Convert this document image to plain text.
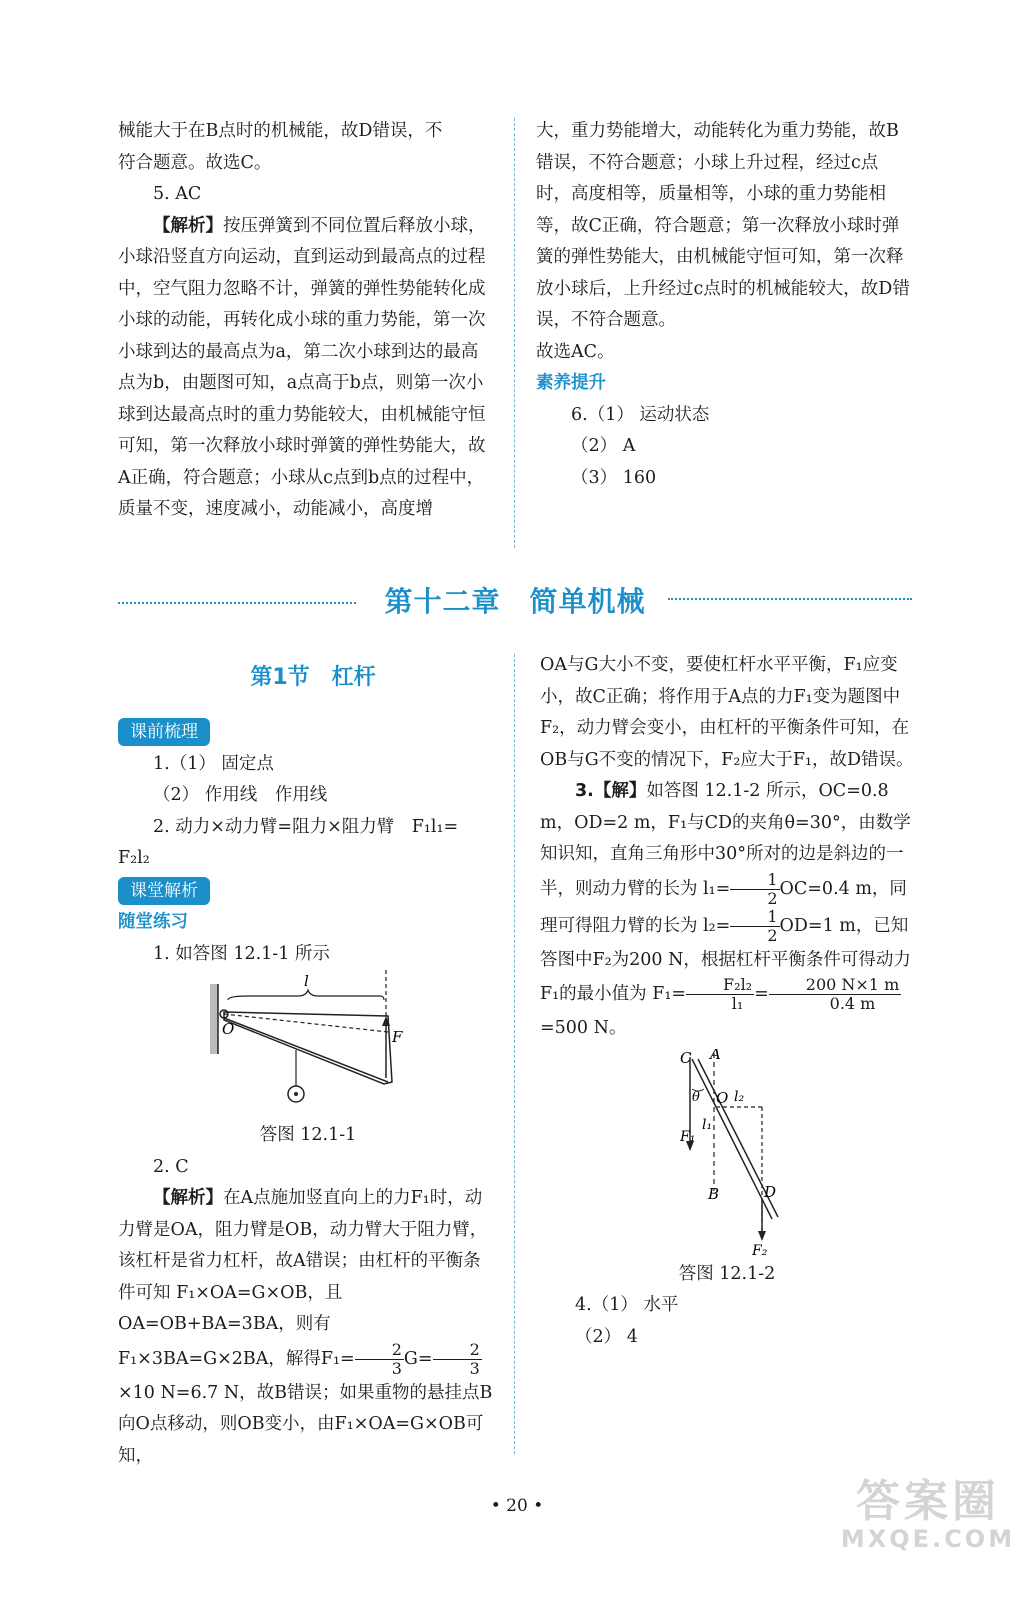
械能大于在B点时的机械能，故D错误，不

符合题意。故选C。

5. AC

【解析】按压弹簧到不同位置后释放小球，小球沿竖直方向运动，直到运动到最高点的过程中，空气阻力忽略不计，弹簧的弹性势能转化成小球的动能，再转化成小球的重力势能，第一次小球到达的最高点为a，第二次小球到达的最高点为b，由题图可知，a点高于b点，则第一次小球到达最高点时的重力势能较大，由机械能守恒可知，第一次释放小球时弹簧的弹性势能大，故A正确，符合题意；小球从c点到b点的过程中，质量不变，速度减小，动能减小，高度增

大，重力势能增大，动能转化为重力势能，故B错误，不符合题意；小球上升过程，经过c点时，高度相等，质量相等，小球的重力势能相等，故C正确，符合题意；第一次释放小球时弹簧的弹性势能大，由机械能守恒可知，第一次释放小球后，上升经过c点时的机械能较大，故D错误，不符合题意。

故选AC。

素养提升

6.（1） 运动状态

（2） A

（3） 160

第十二章　简单机械
第1节　杠杆
课前梳理

1.（1） 固定点

（2） 作用线　作用线

2. 动力×动力臂=阻力×阻力臂　F₁l₁=

F₂l₂

课堂解析

随堂练习

1. 如答图 12.1-1 所示

l
O	F

答图 12.1-1

2. C

【解析】在A点施加竖直向上的力F₁时，动力臂是OA，阻力臂是OB，动力臂大于阻力臂，该杠杆是省力杠杆，故A错误；由杠杆的平衡条件可知 F₁×OA=G×OB，且OA=OB+BA=3BA，则有F₁×3BA=G×2BA，解得$F_1= \frac{2}{3} G= \frac{2}{3}$
×10 N=6.7 N，故B错误；如果重物的悬挂点B向O点移动，则OB变小，由F₁×OA=G×OB可知，

OA与G大小不变，要使杠杆水平平衡，F₁应变小，故C正确；将作用于A点的力F₁变为题图中F₂，动力臂会变小，由杠杆的平衡条件可知，在OB与G不变的情况下，F₂应大于F₁，故D错误。

3.【解】如答图 12.1-2 所示，OC=0.8 m，OD=2 m，F₁与CD的夹角θ=30°，由数学知识知，直角三角形中30°所对的边是斜边的一半，则动力臂的长为 $l_1= \frac{1}{2} OC=0.4$ m，同理可得阻力臂的长为 $l_2= \frac{1}{2} OD=1$ m，已知答图中F₂为200 N，根据杠杆平衡条件可得动力F₁的最小值为 $F_1= \frac{\text{F₂l₂}}{\text{l₁}} = \frac{200 N\times 1 m}{0.4 m}$
=500 N。

C A
θ O l₂
F₁
l₁
B	D
F₂

答图 12.1-2

4.（1） 水平

（2） 4

• 20 •	答案圈
MXQE.COM
